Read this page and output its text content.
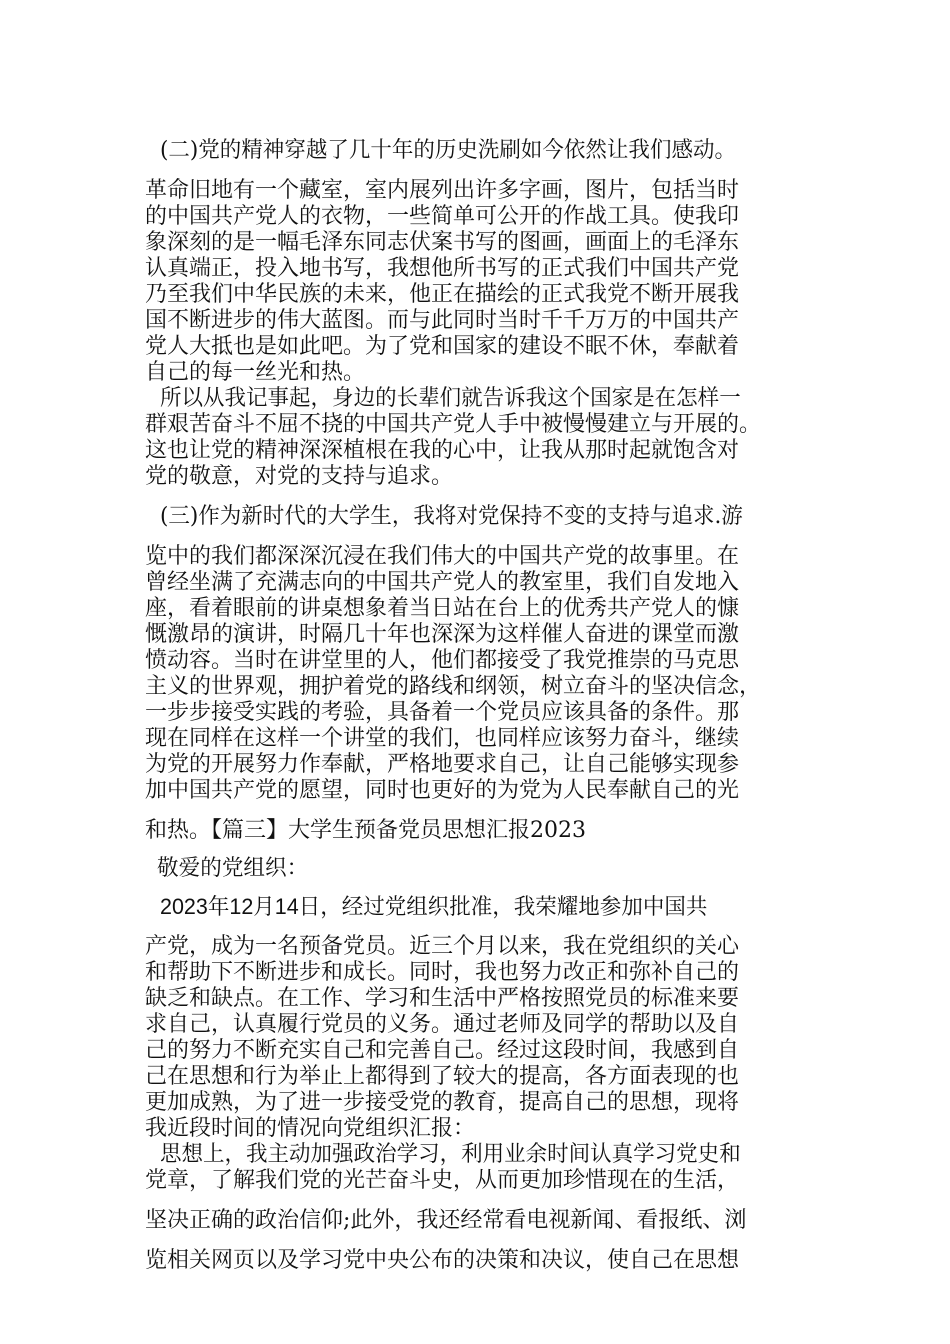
(二)党的精神穿越了几十年的历史洗刷如今依然让我们感动。

革命旧地有一个藏室，室内展列出许多字画，图片，包括当时

的中国共产党人的衣物，一些简单可公开的作战工具。使我印

象深刻的是一幅毛泽东同志伏案书写的图画，画面上的毛泽东

认真端正，投入地书写，我想他所书写的正式我们中国共产党

乃至我们中华民族的未来，他正在描绘的正式我党不断开展我

国不断进步的伟大蓝图。而与此同时当时千千万万的中国共产

党人大抵也是如此吧。为了党和国家的建设不眠不休，奉献着

自己的每一丝光和热。

所以从我记事起，身边的长辈们就告诉我这个国家是在怎样一

群艰苦奋斗不屈不挠的中国共产党人手中被慢慢建立与开展的。

这也让党的精神深深植根在我的心中，让我从那时起就饱含对

党的敬意，对党的支持与追求。

(三)作为新时代的大学生，我将对党保持不变的支持与追求.游

览中的我们都深深沉浸在我们伟大的中国共产党的故事里。在

曾经坐满了充满志向的中国共产党人的教室里，我们自发地入

座，看着眼前的讲桌想象着当日站在台上的优秀共产党人的慷

慨激昂的演讲，时隔几十年也深深为这样催人奋进的课堂而激

愤动容。当时在讲堂里的人，他们都接受了我党推崇的马克思

主义的世界观，拥护着党的路线和纲领，树立奋斗的坚决信念，

一步步接受实践的考验，具备着一个党员应该具备的条件。那

现在同样在这样一个讲堂的我们，也同样应该努力奋斗，继续

为党的开展努力作奉献，严格地要求自己，让自己能够实现参

加中国共产党的愿望，同时也更好的为党为人民奉献自己的光

和热。【篇三】大学生预备党员思想汇报2023

敬爱的党组织：

2023年12月14日，经过党组织批准，我荣耀地参加中国共

产党，成为一名预备党员。近三个月以来，我在党组织的关心

和帮助下不断进步和成长。同时，我也努力改正和弥补自己的

缺乏和缺点。在工作、学习和生活中严格按照党员的标准来要

求自己，认真履行党员的义务。通过老师及同学的帮助以及自

己的努力不断充实自己和完善自己。经过这段时间，我感到自

己在思想和行为举止上都得到了较大的提高，各方面表现的也

更加成熟，为了进一步接受党的教育，提高自己的思想，现将

我近段时间的情况向党组织汇报：

思想上，我主动加强政治学习，利用业余时间认真学习党史和

党章，了解我们党的光芒奋斗史，从而更加珍惜现在的生活，

坚决正确的政治信仰;此外，我还经常看电视新闻、看报纸、浏

览相关网页以及学习党中央公布的决策和决议，使自己在思想
